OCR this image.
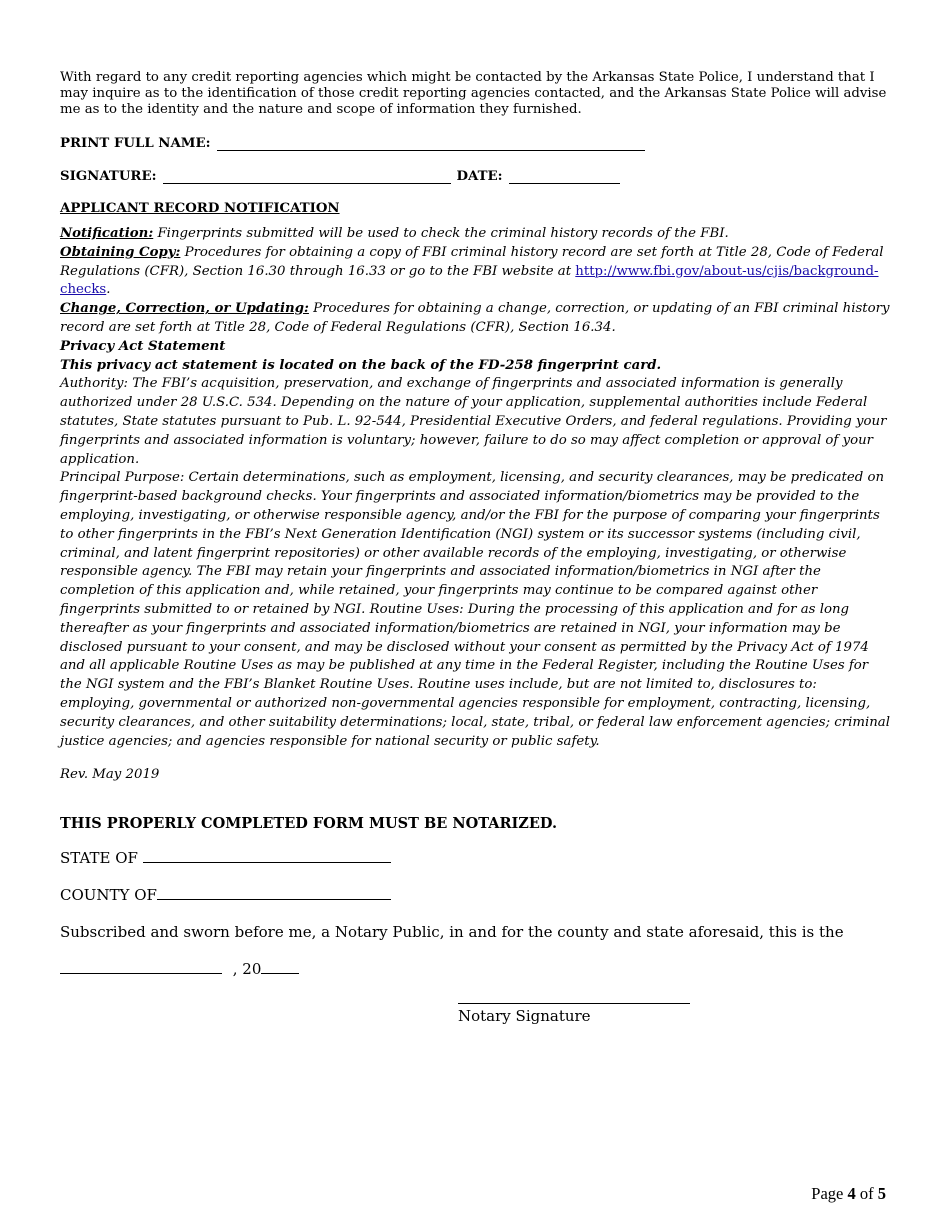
With regard to any credit reporting agencies which might be contacted by the Arkansas State Police, I understand that I may inquire as to the identification of those credit reporting agencies contacted, and the Arkansas State Police will advise me as to the identity and the nature and scope of information they furnished.

PRINT FULL NAME:
SIGNATURE:	DATE:

APPLICANT RECORD NOTIFICATION

Notification: Fingerprints submitted will be used to check the criminal history records of the FBI.

Obtaining Copy: Procedures for obtaining a copy of FBI criminal history record are set forth at Title 28, Code of Federal Regulations (CFR), Section 16.30 through 16.33 or go to the FBI website at http://www.fbi.gov/about-us/cjis/background-checks.

Change, Correction, or Updating: Procedures for obtaining a change, correction, or updating of an FBI criminal history record are set forth at Title 28, Code of Federal Regulations (CFR), Section 16.34.

Privacy Act Statement

This privacy act statement is located on the back of the FD-258 fingerprint card.

Authority: The FBI’s acquisition, preservation, and exchange of fingerprints and associated information is generally authorized under 28 U.S.C. 534. Depending on the nature of your application, supplemental authorities include Federal statutes, State statutes pursuant to Pub. L. 92-544, Presidential Executive Orders, and federal regulations. Providing your fingerprints and associated information is voluntary; however, failure to do so may affect completion or approval of your application.

Principal Purpose: Certain determinations, such as employment, licensing, and security clearances, may be predicated on fingerprint-based background checks. Your fingerprints and associated information/biometrics may be provided to the employing, investigating, or otherwise responsible agency, and/or the FBI for the purpose of comparing your fingerprints to other fingerprints in the FBI’s Next Generation Identification (NGI) system or its successor systems (including civil, criminal, and latent fingerprint repositories) or other available records of the employing, investigating, or otherwise responsible agency. The FBI may retain your fingerprints and associated information/biometrics in NGI after the completion of this application and, while retained, your fingerprints may continue to be compared against other fingerprints submitted to or retained by NGI. Routine Uses: During the processing of this application and for as long thereafter as your fingerprints and associated information/biometrics are retained in NGI, your information may be disclosed pursuant to your consent, and may be disclosed without your consent as permitted by the Privacy Act of 1974 and all applicable Routine Uses as may be published at any time in the Federal Register, including the Routine Uses for the NGI system and the FBI’s Blanket Routine Uses. Routine uses include, but are not limited to, disclosures to: employing, governmental or authorized non-governmental agencies responsible for employment, contracting, licensing, security clearances, and other suitability determinations; local, state, tribal, or federal law enforcement agencies; criminal justice agencies; and agencies responsible for national security or public safety.

Rev. May 2019

THIS PROPERLY COMPLETED FORM MUST BE NOTARIZED.

STATE OF

COUNTY OF

Subscribed and sworn before me, a Notary Public, in and for the county and state aforesaid, this is the

, 20

Notary Signature

Page 4 of 5
